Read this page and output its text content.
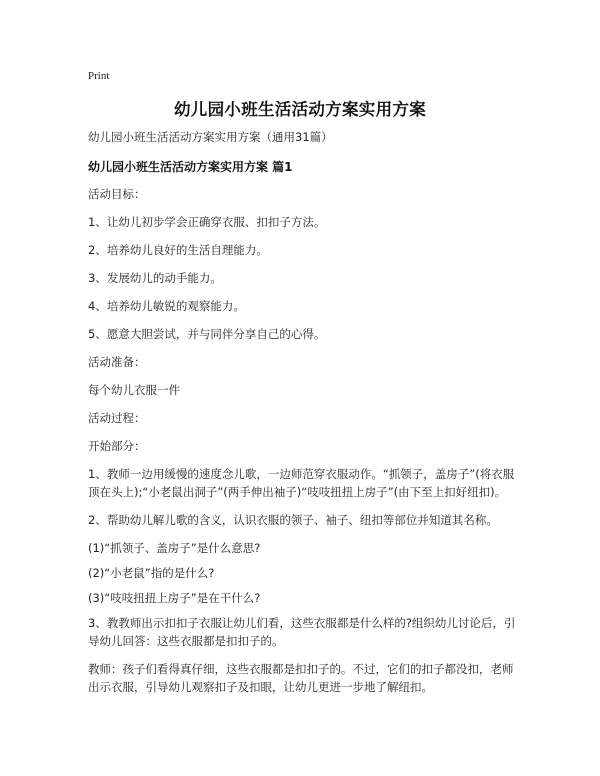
Print
幼儿园小班生活活动方案实用方案

幼儿园小班生活活动方案实用方案（通用31篇）

幼儿园小班生活活动方案实用方案 篇1

活动目标：

1、让幼儿初步学会正确穿衣服、扣扣子方法。

2、培养幼儿良好的生活自理能力。

3、发展幼儿的动手能力。

4、培养幼儿敏锐的观察能力。

5、愿意大胆尝试，并与同伴分享自己的心得。

活动准备：

每个幼儿衣服一件

活动过程：

开始部分：

1、教师一边用缓慢的速度念儿歌，一边师范穿衣服动作。“抓领子，盖房子”(将衣服顶在头上);“小老鼠出洞子”(两手伸出袖子)“吱吱扭扭上房子”(由下至上扣好纽扣)。

2、帮助幼儿解儿歌的含义，认识衣服的领子、袖子、纽扣等部位并知道其名称。

(1)“抓领子、盖房子”是什么意思?

(2)“小老鼠”指的是什么?

(3)“吱吱扭扭上房子”是在干什么?

3、教教师出示扣扣子衣服让幼儿们看，这些衣服都是什么样的?组织幼儿讨论后，引导幼儿回答：这些衣服都是扣扣子的。

教师：孩子们看得真仔细，这些衣服都是扣扣子的。不过，它们的扣子都没扣，老师出示衣服，引导幼儿观察扣子及扣眼，让幼儿更进一步地了解纽扣。
